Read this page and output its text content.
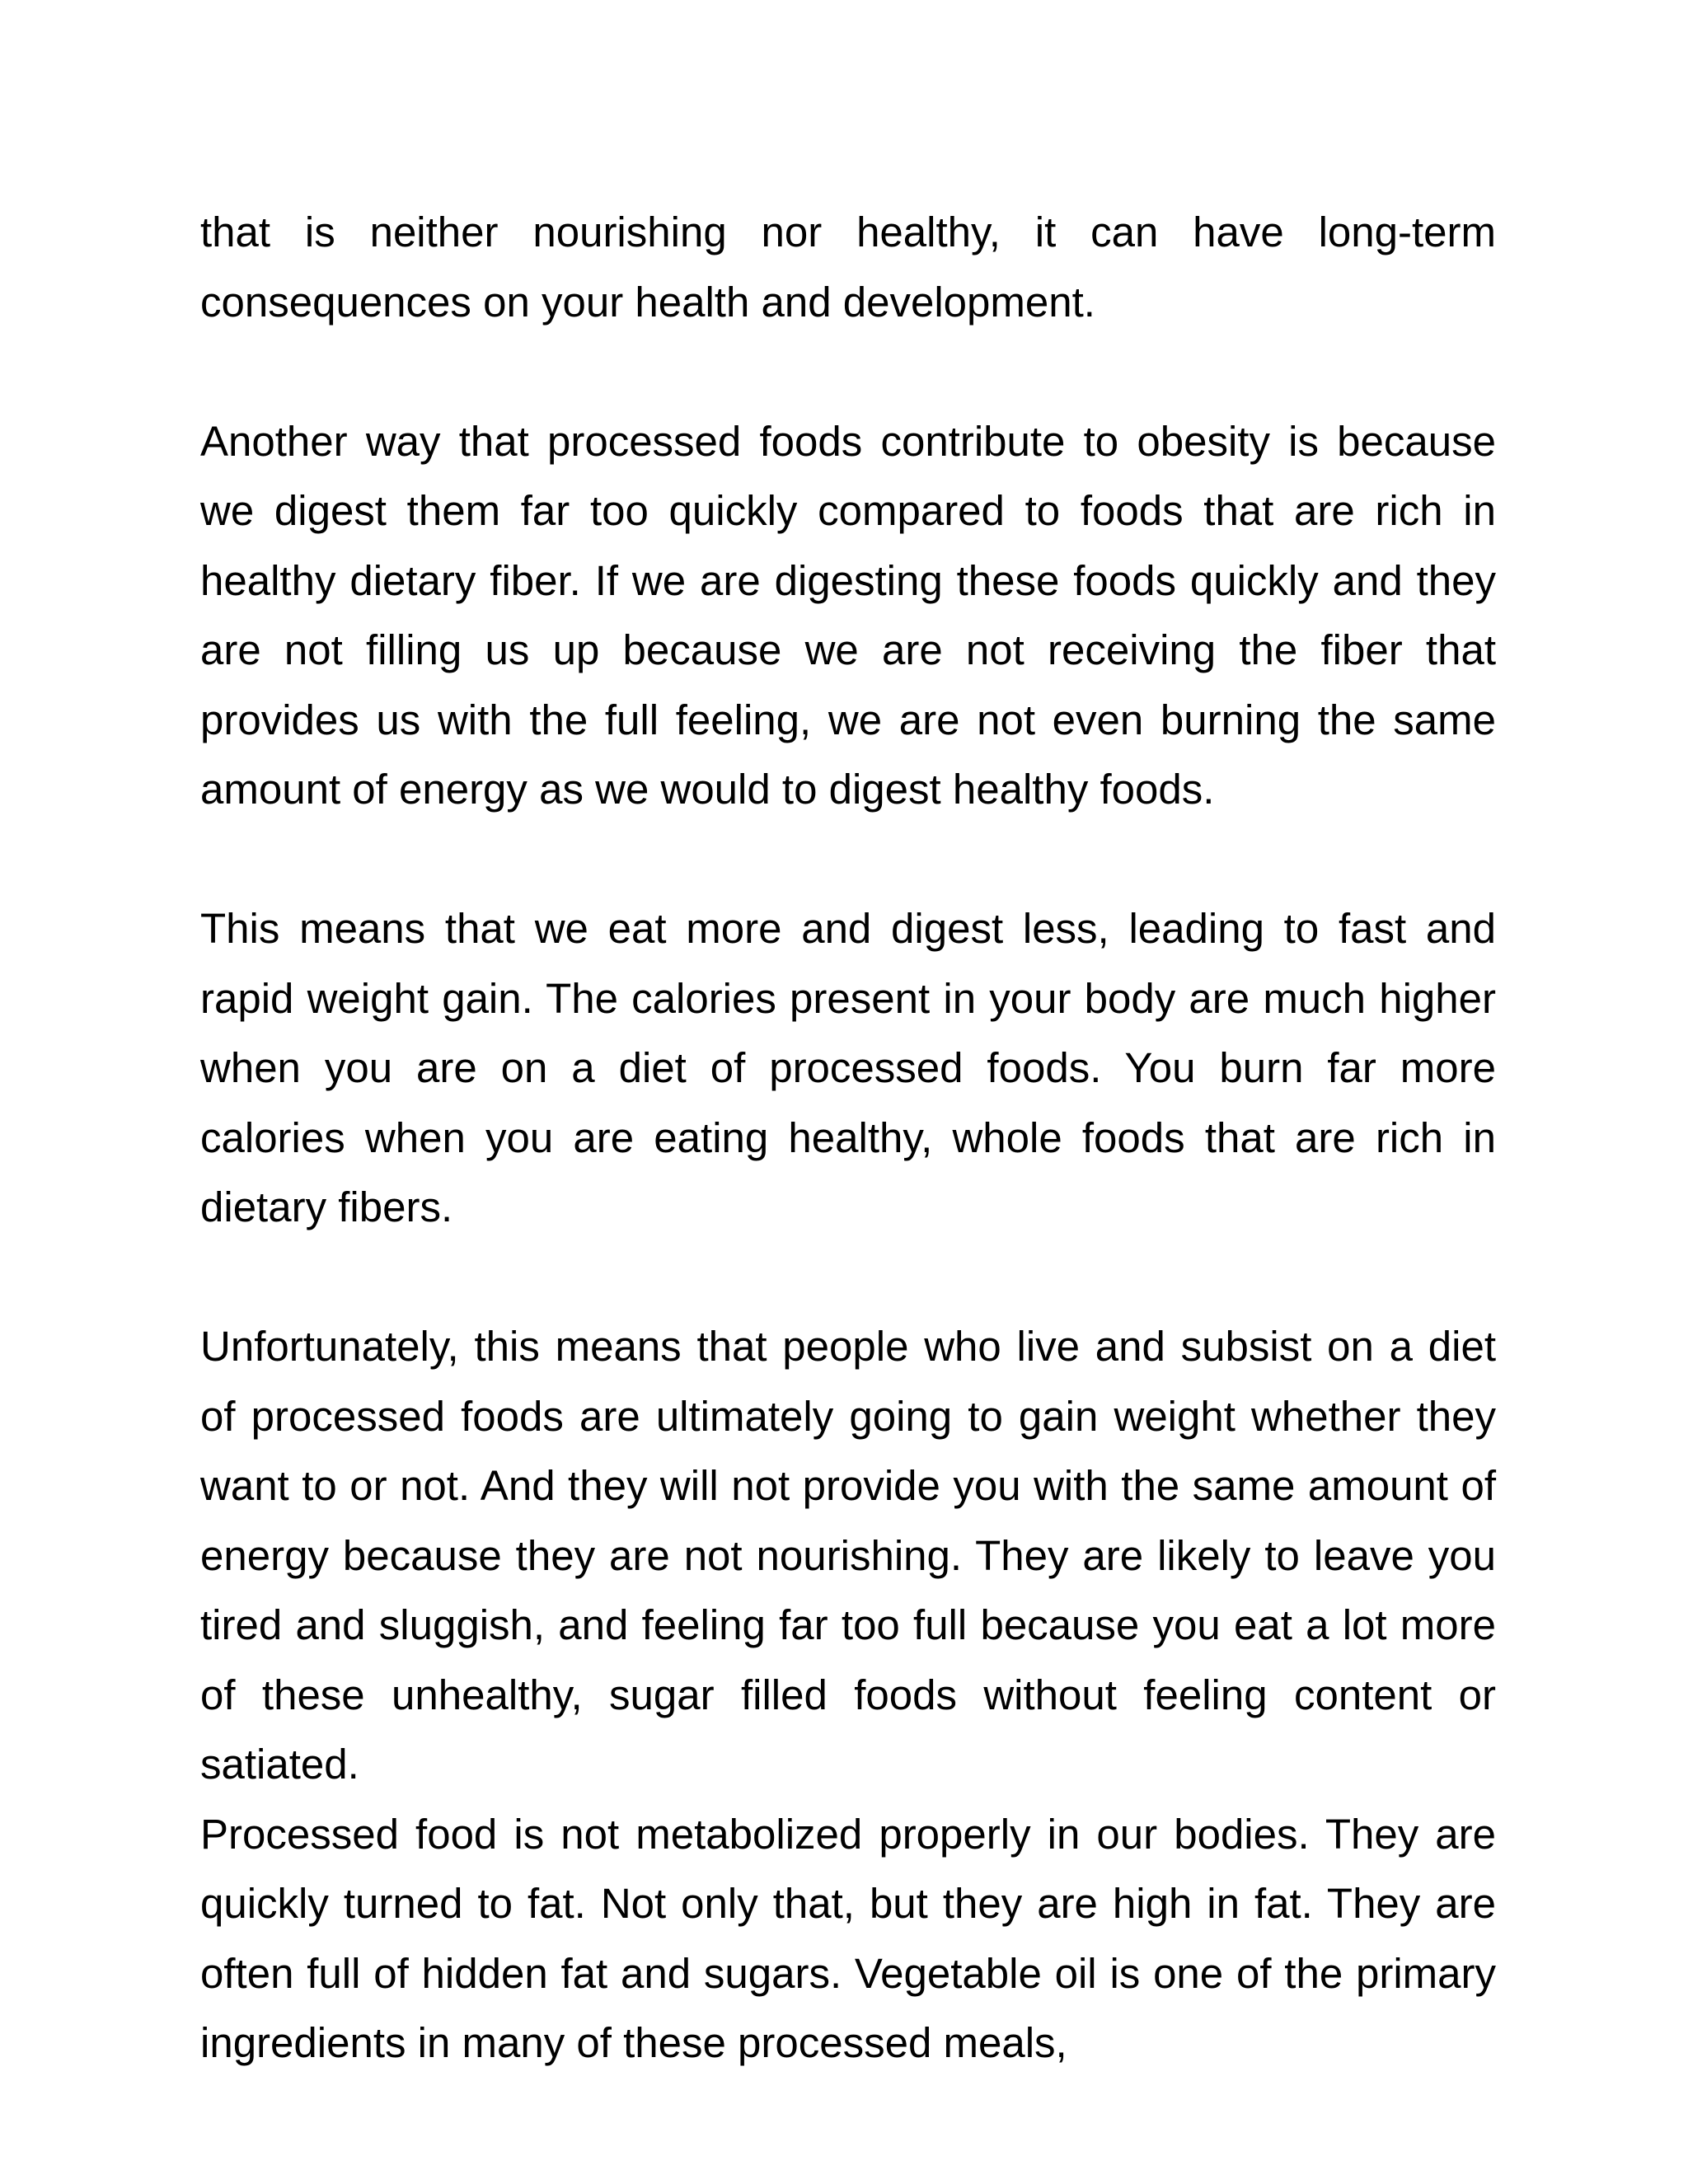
that is neither nourishing nor healthy, it can have long-term consequences on your health and development.

Another way that processed foods contribute to obesity is because we digest them far too quickly compared to foods that are rich in healthy dietary fiber. If we are digesting these foods quickly and they are not filling us up because we are not receiving the fiber that provides us with the full feeling, we are not even burning the same amount of energy as we would to digest healthy foods.

This means that we eat more and digest less, leading to fast and rapid weight gain. The calories present in your body are much higher when you are on a diet of processed foods. You burn far more calories when you are eating healthy, whole foods that are rich in dietary fibers.

Unfortunately, this means that people who live and subsist on a diet of processed foods are ultimately going to gain weight whether they want to or not. And they will not provide you with the same amount of energy because they are not nourishing. They are likely to leave you tired and sluggish, and feeling far too full because you eat a lot more of these unhealthy, sugar filled foods without feeling content or satiated.

Processed food is not metabolized properly in our bodies. They are quickly turned to fat. Not only that, but they are high in fat. They are often full of hidden fat and sugars. Vegetable oil is one of the primary ingredients in many of these processed meals,
